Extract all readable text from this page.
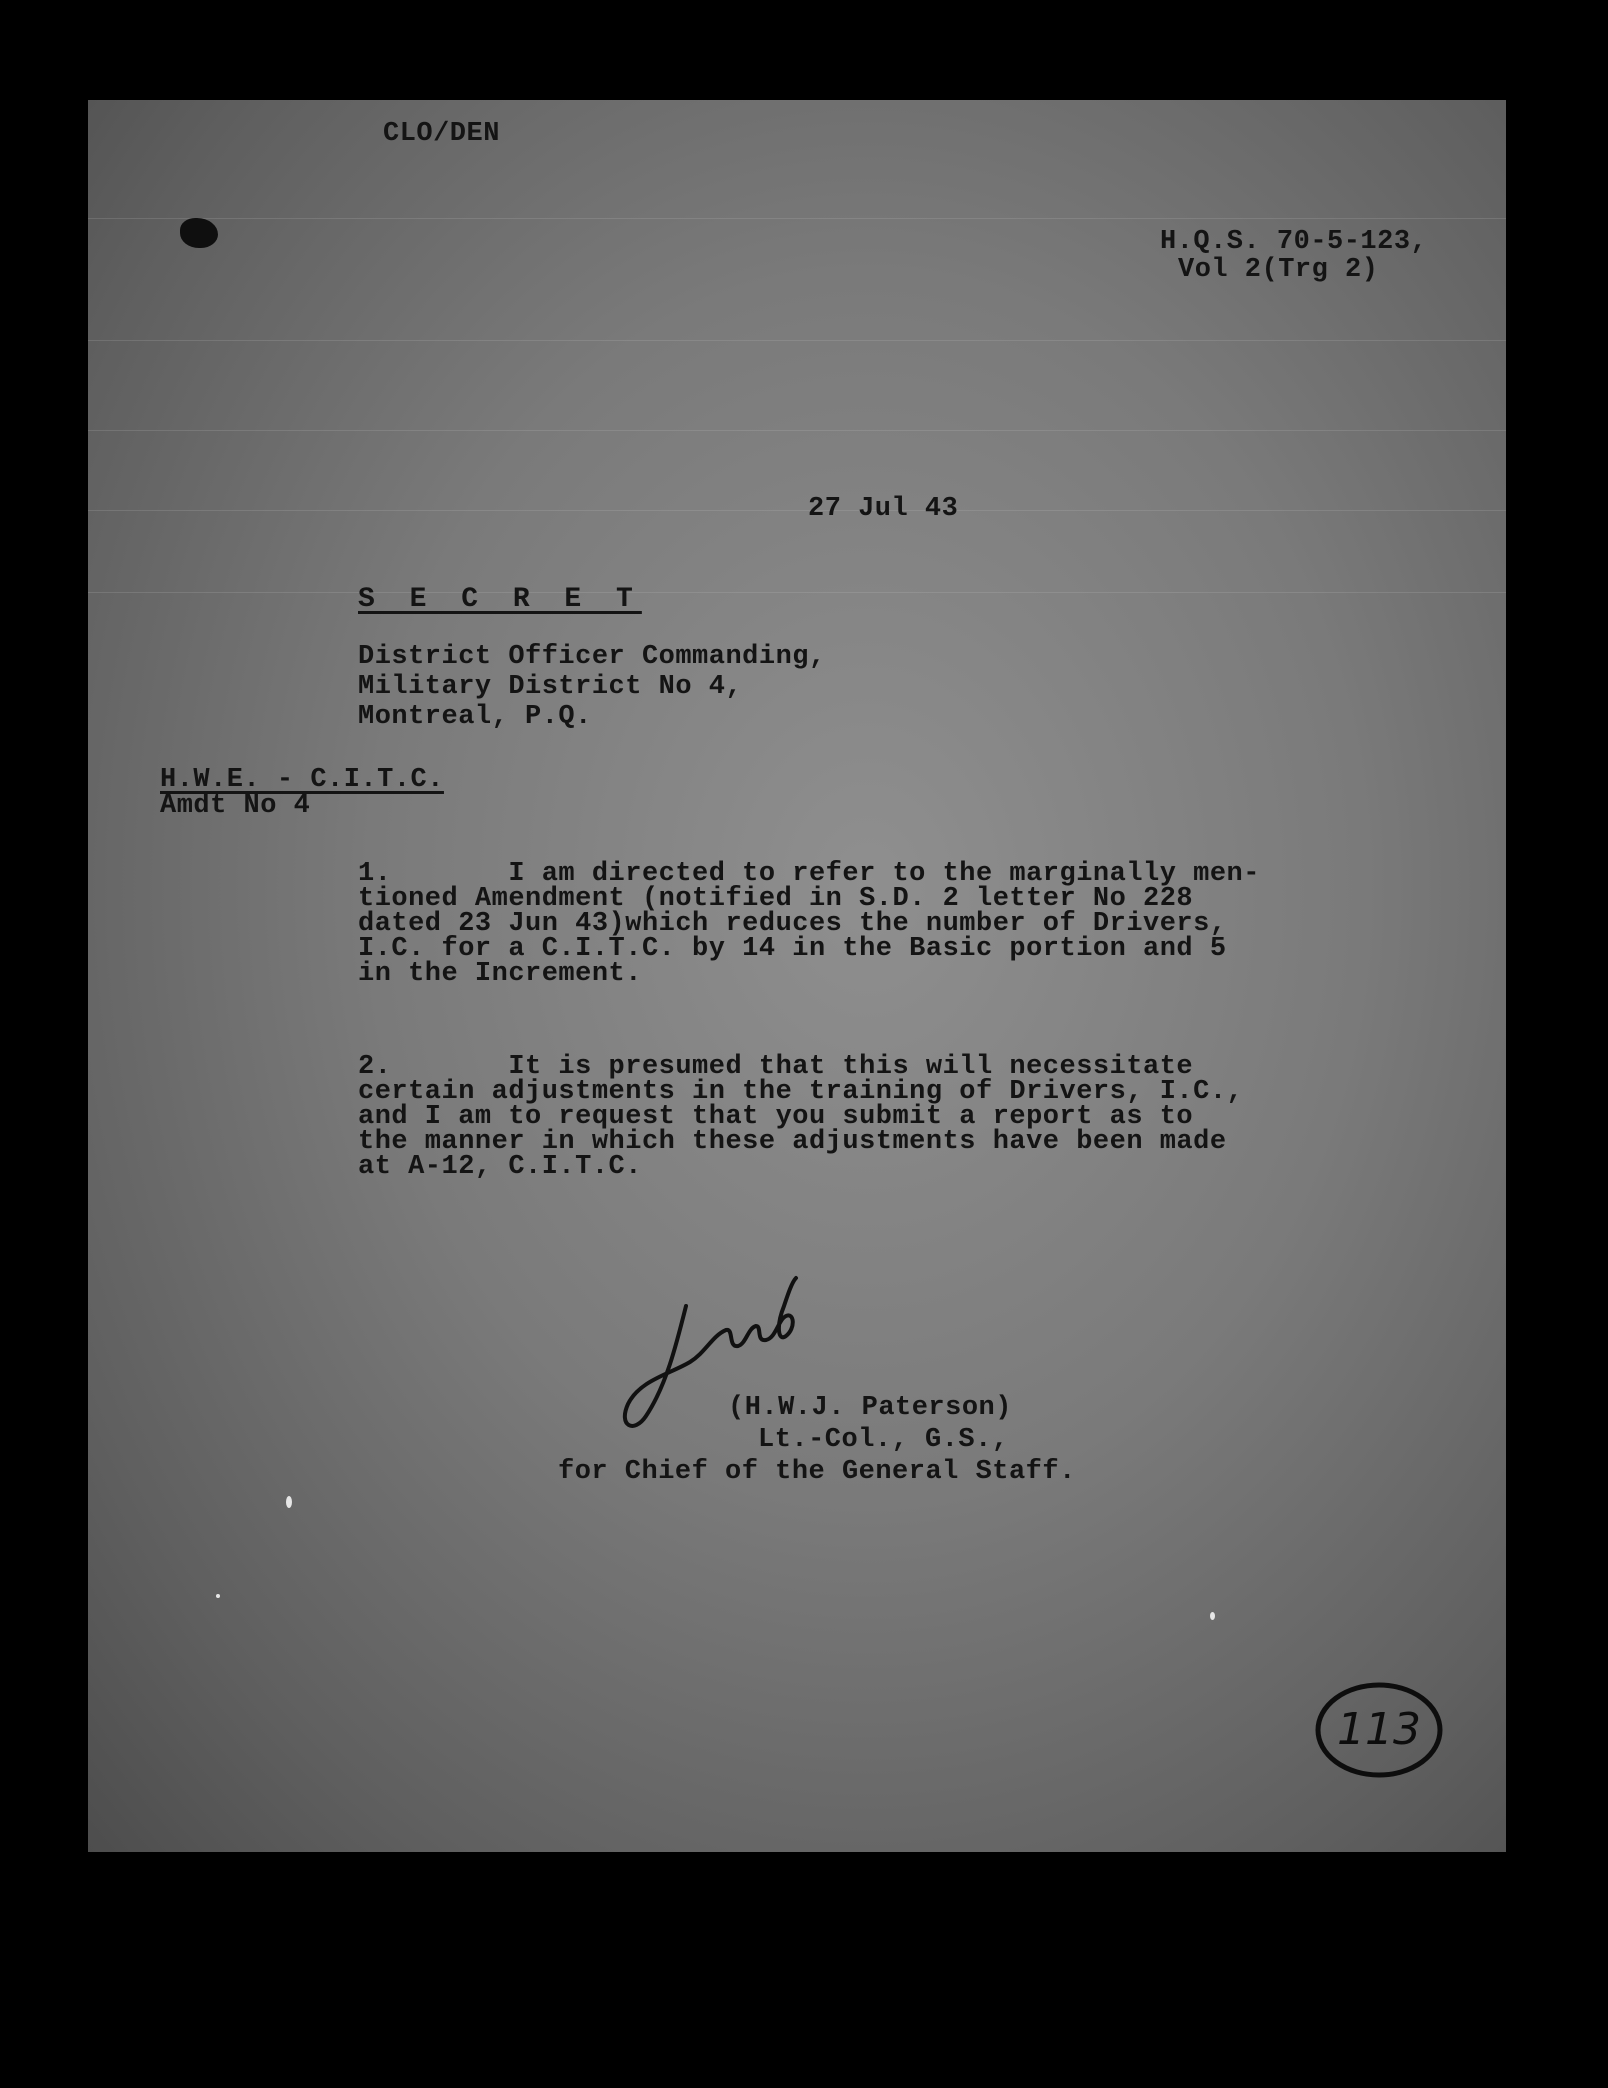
CLO/DEN

H.Q.S. 70-5-123,

Vol 2(Trg 2)

27 Jul 43

S E C R E T

District Officer Commanding,

Military District No 4,

Montreal, P.Q.

H.W.E. - C.I.T.C.

Amdt No 4

1.       I am directed to refer to the marginally men-
tioned Amendment (notified in S.D. 2 letter No 228
dated 23 Jun 43)which reduces the number of Drivers,
I.C. for a C.I.T.C. by 14 in the Basic portion and 5
in the Increment.

2.       It is presumed that this will necessitate
certain adjustments in the training of Drivers, I.C.,
and I am to request that you submit a report as to
the manner in which these adjustments have been made
at A-12, C.I.T.C.

(H.W.J. Paterson)

Lt.-Col., G.S.,

for Chief of the General Staff.

113
